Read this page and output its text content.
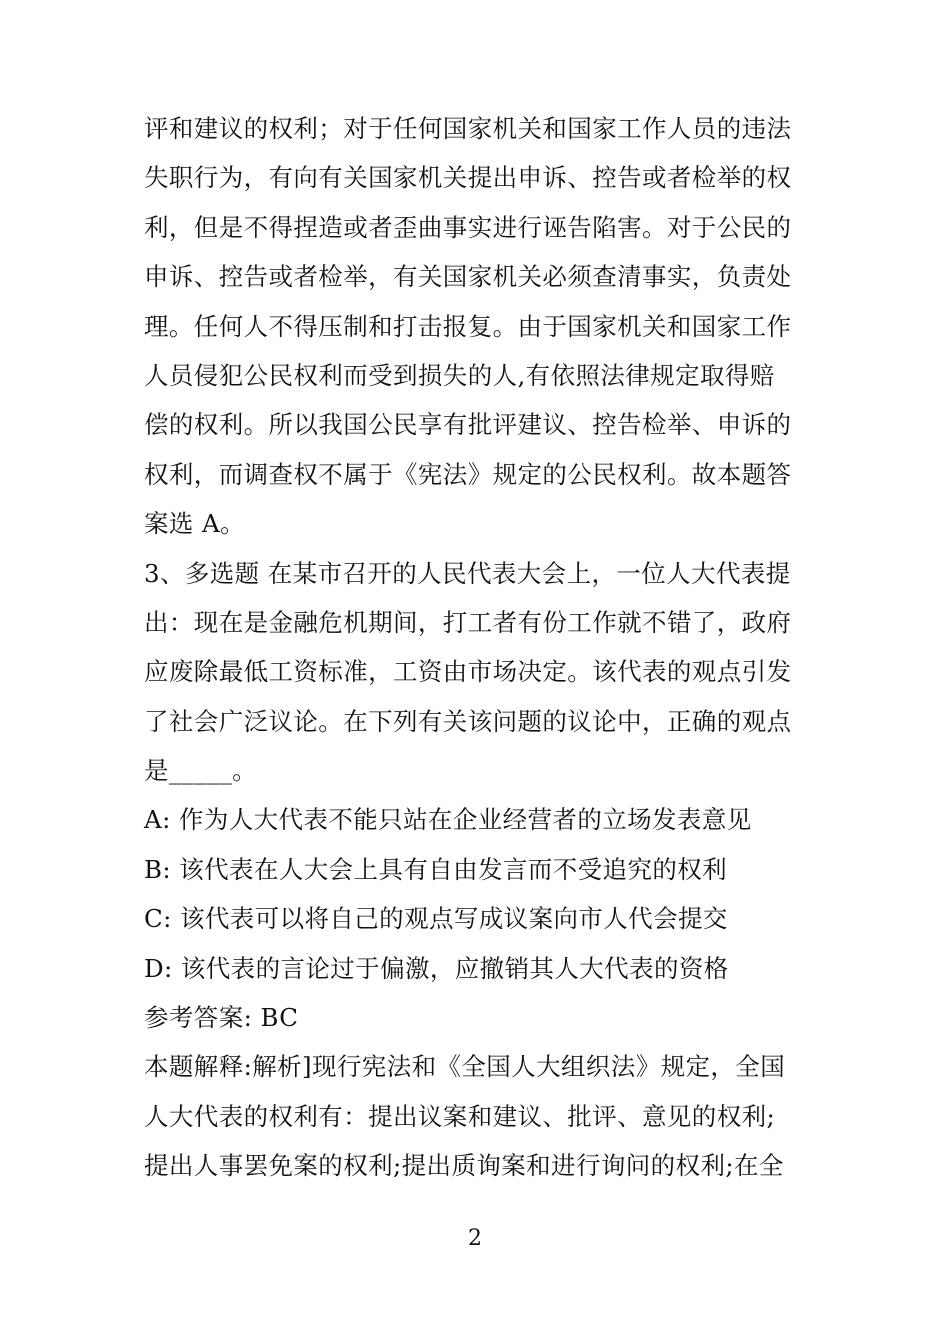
评和建议的权利；对于任何国家机关和国家工作人员的违法
失职行为，有向有关国家机关提出申诉、控告或者检举的权
利，但是不得捏造或者歪曲事实进行诬告陷害。对于公民的
申诉、控告或者检举，有关国家机关必须查清事实，负责处
理。任何人不得压制和打击报复。由于国家机关和国家工作
人员侵犯公民权利而受到损失的人,有依照法律规定取得赔
偿的权利。所以我国公民享有批评建议、控告检举、申诉的
权利，而调查权不属于《宪法》规定的公民权利。故本题答
案选 A。
3、多选题 在某市召开的人民代表大会上，一位人大代表提
出：现在是金融危机期间，打工者有份工作就不错了，政府
应废除最低工资标准，工资由市场决定。该代表的观点引发
了社会广泛议论。在下列有关该问题的议论中，正确的观点
是_____。
A: 作为人大代表不能只站在企业经营者的立场发表意见
B: 该代表在人大会上具有自由发言而不受追究的权利
C: 该代表可以将自己的观点写成议案向市人代会提交
D: 该代表的言论过于偏激，应撤销其人大代表的资格
参考答案: BC
本题解释:解析]现行宪法和《全国人大组织法》规定，全国
人大代表的权利有：提出议案和建议、批评、意见的权利;
提出人事罢免案的权利;提出质询案和进行询问的权利;在全
2
